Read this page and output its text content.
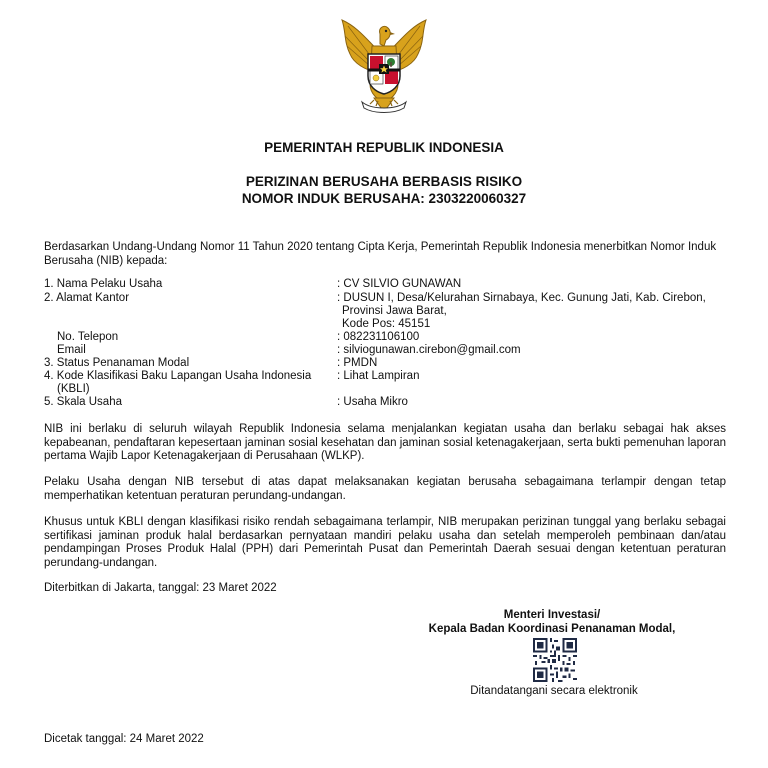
PEMERINTAH REPUBLIK INDONESIA
PERIZINAN BERUSAHA BERBASIS RISIKO
NOMOR INDUK BERUSAHA: 2303220060327
Berdasarkan Undang-Undang Nomor 11 Tahun 2020 tentang Cipta Kerja, Pemerintah Republik Indonesia menerbitkan Nomor Induk Berusaha (NIB) kepada:
1. Nama Pelaku Usaha	: CV SILVIO GUNAWAN
2. Alamat Kantor	: DUSUN I, Desa/Kelurahan Sirnabaya, Kec. Gunung Jati, Kab. Cirebon,
Provinsi Jawa Barat,
Kode Pos: 45151
No. Telepon	: 082231106100
Email	: silviogunawan.cirebon@gmail.com
3. Status Penanaman Modal	: PMDN
4. Kode Klasifikasi Baku Lapangan Usaha Indonesia
(KBLI)
: Lihat Lampiran
5. Skala Usaha	: Usaha Mikro
NIB ini berlaku di seluruh wilayah Republik Indonesia selama menjalankan kegiatan usaha dan berlaku sebagai hak akses kepabeanan, pendaftaran kepesertaan jaminan sosial kesehatan dan jaminan sosial ketenagakerjaan, serta bukti pemenuhan laporan pertama Wajib Lapor Ketenagakerjaan di Perusahaan (WLKP).
Pelaku Usaha dengan NIB tersebut di atas dapat melaksanakan kegiatan berusaha sebagaimana terlampir dengan tetap memperhatikan ketentuan peraturan perundang-undangan.
Khusus untuk KBLI dengan klasifikasi risiko rendah sebagaimana terlampir, NIB merupakan perizinan tunggal yang berlaku sebagai sertifikasi jaminan produk halal berdasarkan pernyataan mandiri pelaku usaha dan setelah memperoleh pembinaan dan/atau pendampingan Proses Produk Halal (PPH) dari Pemerintah Pusat dan Pemerintah Daerah sesuai dengan ketentuan peraturan perundang-undangan.
Diterbitkan di Jakarta, tanggal: 23 Maret 2022
Menteri Investasi/
Kepala Badan Koordinasi Penanaman Modal,
Ditandatangani secara elektronik
Dicetak tanggal: 24 Maret 2022
